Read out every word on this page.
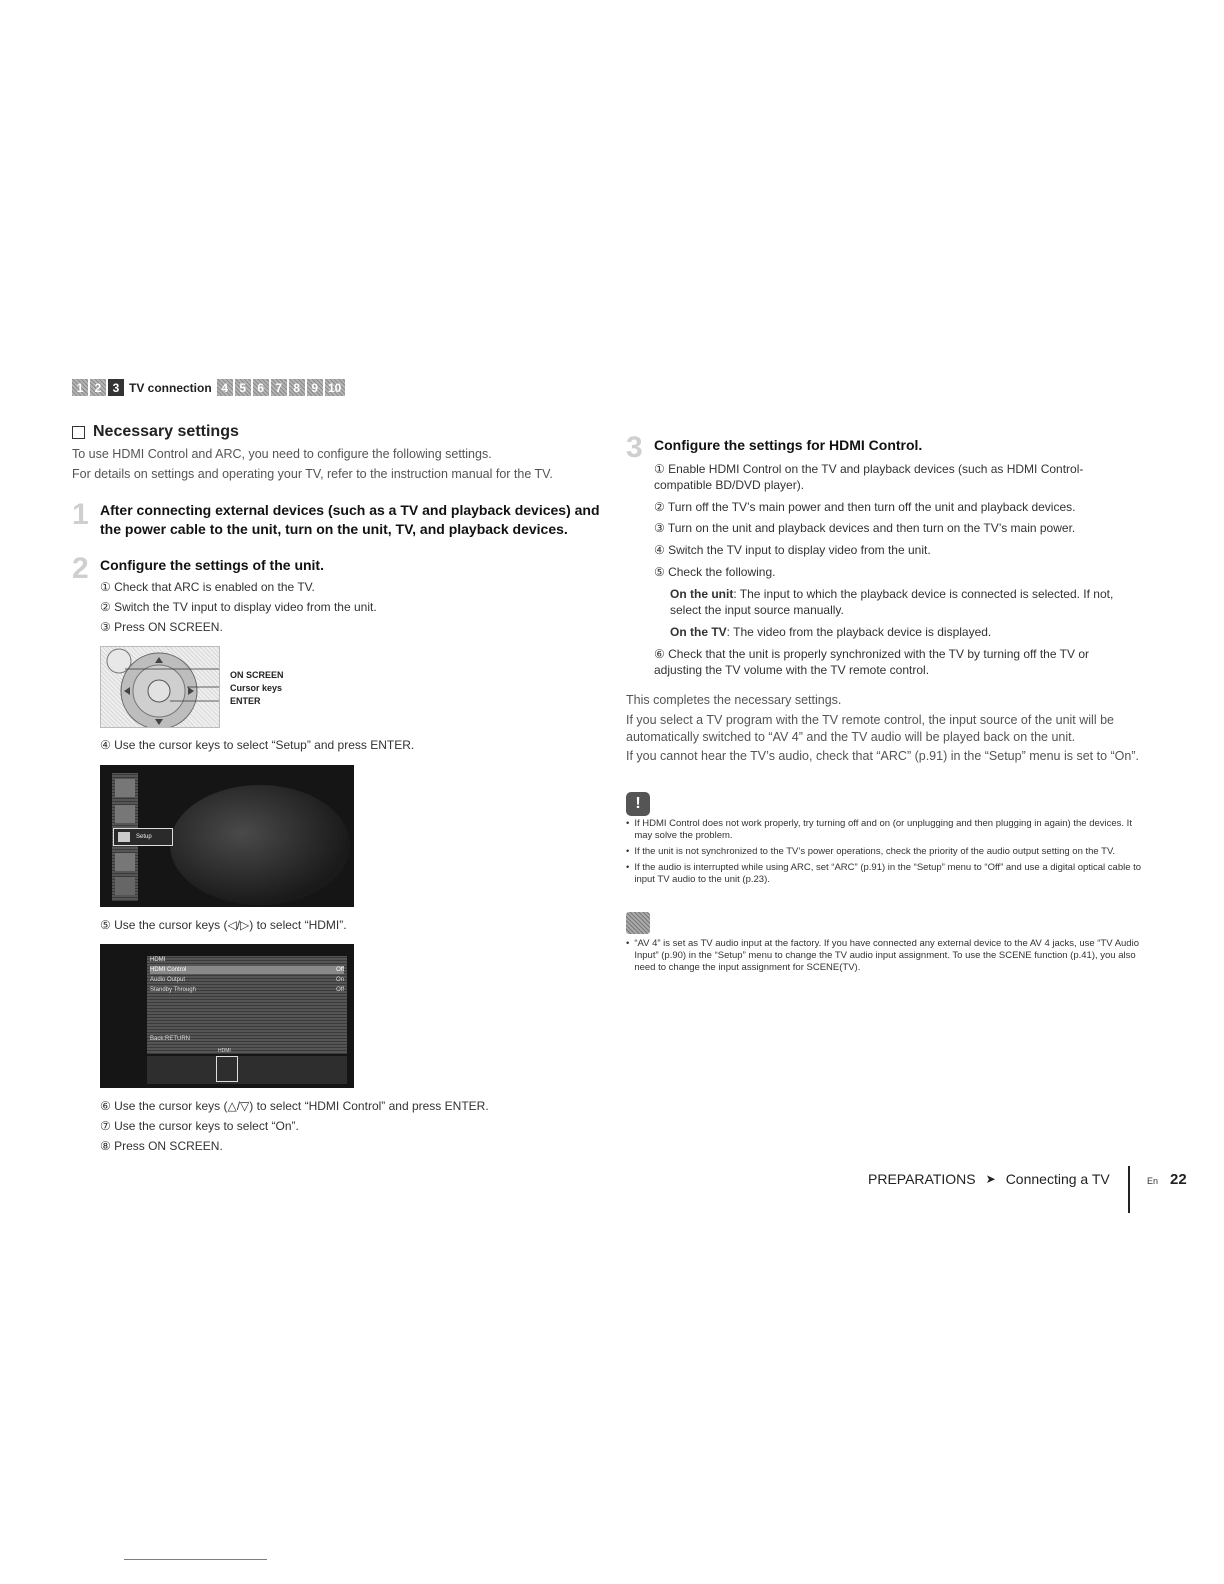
1 2 3 TV connection 4 5 6 7 8 9 10
Necessary settings
To use HDMI Control and ARC, you need to configure the following settings.
For details on settings and operating your TV, refer to the instruction manual for the TV.
1 After connecting external devices (such as a TV and playback devices) and the power cable to the unit, turn on the unit, TV, and playback devices.
2 Configure the settings of the unit.
① Check that ARC is enabled on the TV.
② Switch the TV input to display video from the unit.
③ Press ON SCREEN.
ON SCREEN
Cursor keys
ENTER
④ Use the cursor keys to select “Setup” and press ENTER.
Setup
⑤ Use the cursor keys (◁/▷) to select “HDMI”.
HDMI
HDMI Control	Off
Audio Output	On
Standby Through	Off
Back:RETURN
HDMI
⑥ Use the cursor keys (△/▽) to select “HDMI Control” and press ENTER.
⑦ Use the cursor keys to select “On”.
⑧ Press ON SCREEN.
3 Configure the settings for HDMI Control.
① Enable HDMI Control on the TV and playback devices (such as HDMI Control-compatible BD/DVD player).
② Turn off the TV’s main power and then turn off the unit and playback devices.
③ Turn on the unit and playback devices and then turn on the TV’s main power.
④ Switch the TV input to display video from the unit.
⑤ Check the following.
On the unit: The input to which the playback device is connected is selected. If not, select the input source manually.
On the TV: The video from the playback device is displayed.
⑥ Check that the unit is properly synchronized with the TV by turning off the TV or adjusting the TV volume with the TV remote control.
This completes the necessary settings.
If you select a TV program with the TV remote control, the input source of the unit will be automatically switched to “AV 4” and the TV audio will be played back on the unit.
If you cannot hear the TV’s audio, check that “ARC” (p.91) in the “Setup” menu is set to “On”.
!
• If HDMI Control does not work properly, try turning off and on (or unplugging and then plugging in again) the devices. It may solve the problem.
• If the unit is not synchronized to the TV’s power operations, check the priority of the audio output setting on the TV.
• If the audio is interrupted while using ARC, set “ARC” (p.91) in the “Setup” menu to “Off” and use a digital optical cable to input TV audio to the unit (p.23).
• “AV 4” is set as TV audio input at the factory. If you have connected any external device to the AV 4 jacks, use “TV Audio Input” (p.90) in the “Setup” menu to change the TV audio input assignment. To use the SCENE function (p.41), you also need to change the input assignment for SCENE(TV).
PREPARATIONS ➤ Connecting a TV	En 22
